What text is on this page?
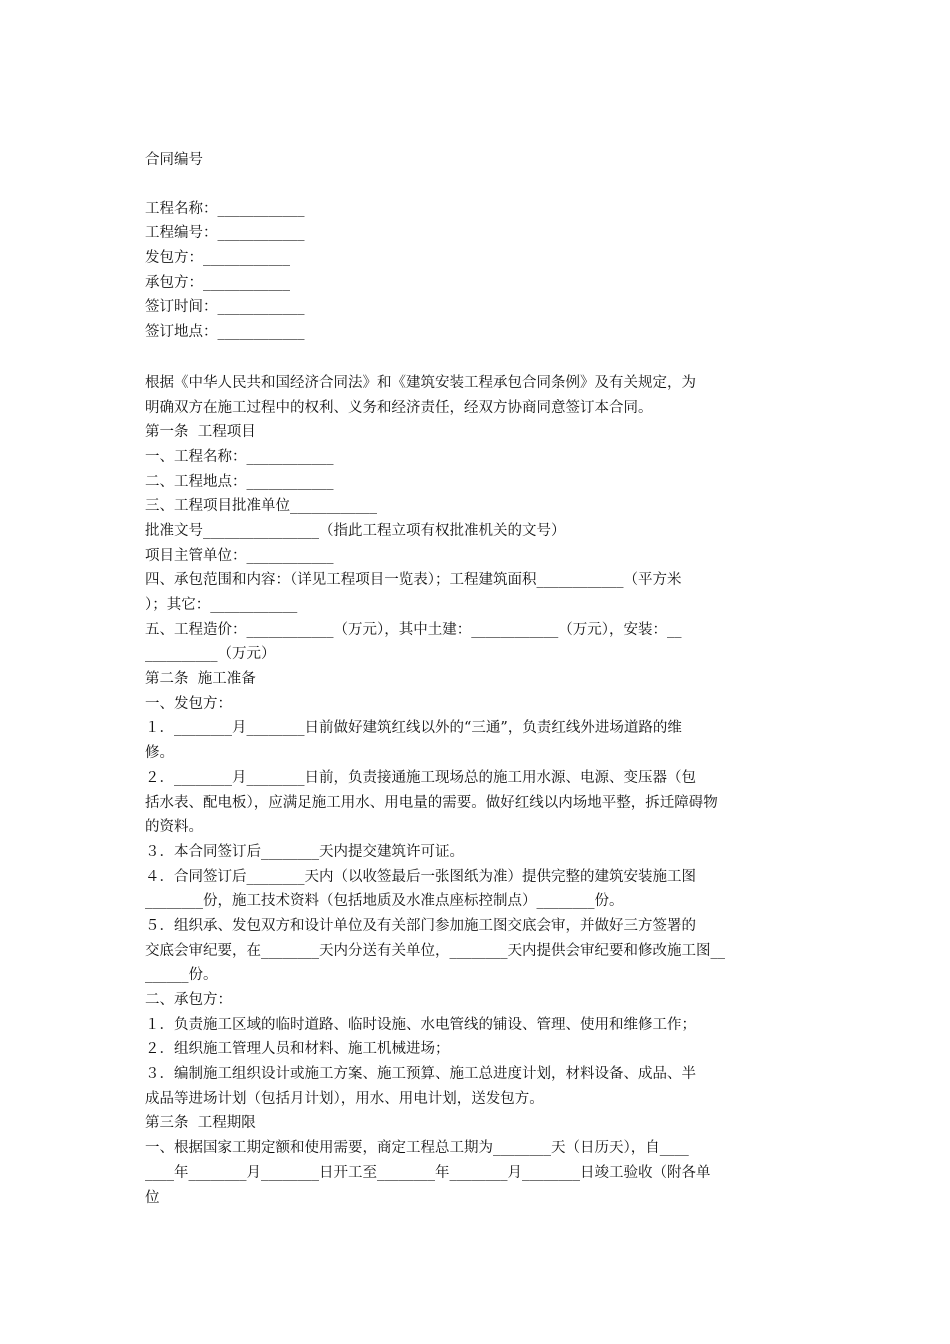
合同编号
工程名称：____________
工程编号：____________
发包方：____________
承包方：____________
签订时间：____________
签订地点：____________
根据《中华人民共和国经济合同法》和《建筑安装工程承包合同条例》及有关规定，为
明确双方在施工过程中的权利、义务和经济责任，经双方协商同意签订本合同。
第一条  工程项目
一、工程名称：____________
二、工程地点：____________
三、工程项目批准单位____________
批准文号________________（指此工程立项有权批准机关的文号）
项目主管单位：____________
四、承包范围和内容：（详见工程项目一览表）；工程建筑面积____________（平方米
）；其它：____________
五、工程造价：____________（万元），其中土建：____________（万元），安装：__
__________（万元）
第二条  施工准备
一、发包方：
１．________月________日前做好建筑红线以外的“三通”，负责红线外进场道路的维
修。
２．________月________日前，负责接通施工现场总的施工用水源、电源、变压器（包
括水表、配电板），应满足施工用水、用电量的需要。做好红线以内场地平整，拆迁障碍物
的资料。
３．本合同签订后________天内提交建筑许可证。
４．合同签订后________天内（以收签最后一张图纸为准）提供完整的建筑安装施工图
________份，施工技术资料（包括地质及水准点座标控制点）________份。
５．组织承、发包双方和设计单位及有关部门参加施工图交底会审，并做好三方签署的
交底会审纪要，在________天内分送有关单位，________天内提供会审纪要和修改施工图__
______份。
二、承包方：
１．负责施工区域的临时道路、临时设施、水电管线的铺设、管理、使用和维修工作；
２．组织施工管理人员和材料、施工机械进场；
３．编制施工组织设计或施工方案、施工预算、施工总进度计划，材料设备、成品、半
成品等进场计划（包括月计划），用水、用电计划，送发包方。
第三条  工程期限
一、根据国家工期定额和使用需要，商定工程总工期为________天（日历天），自____
____年________月________日开工至________年________月________日竣工验收（附各单
位
